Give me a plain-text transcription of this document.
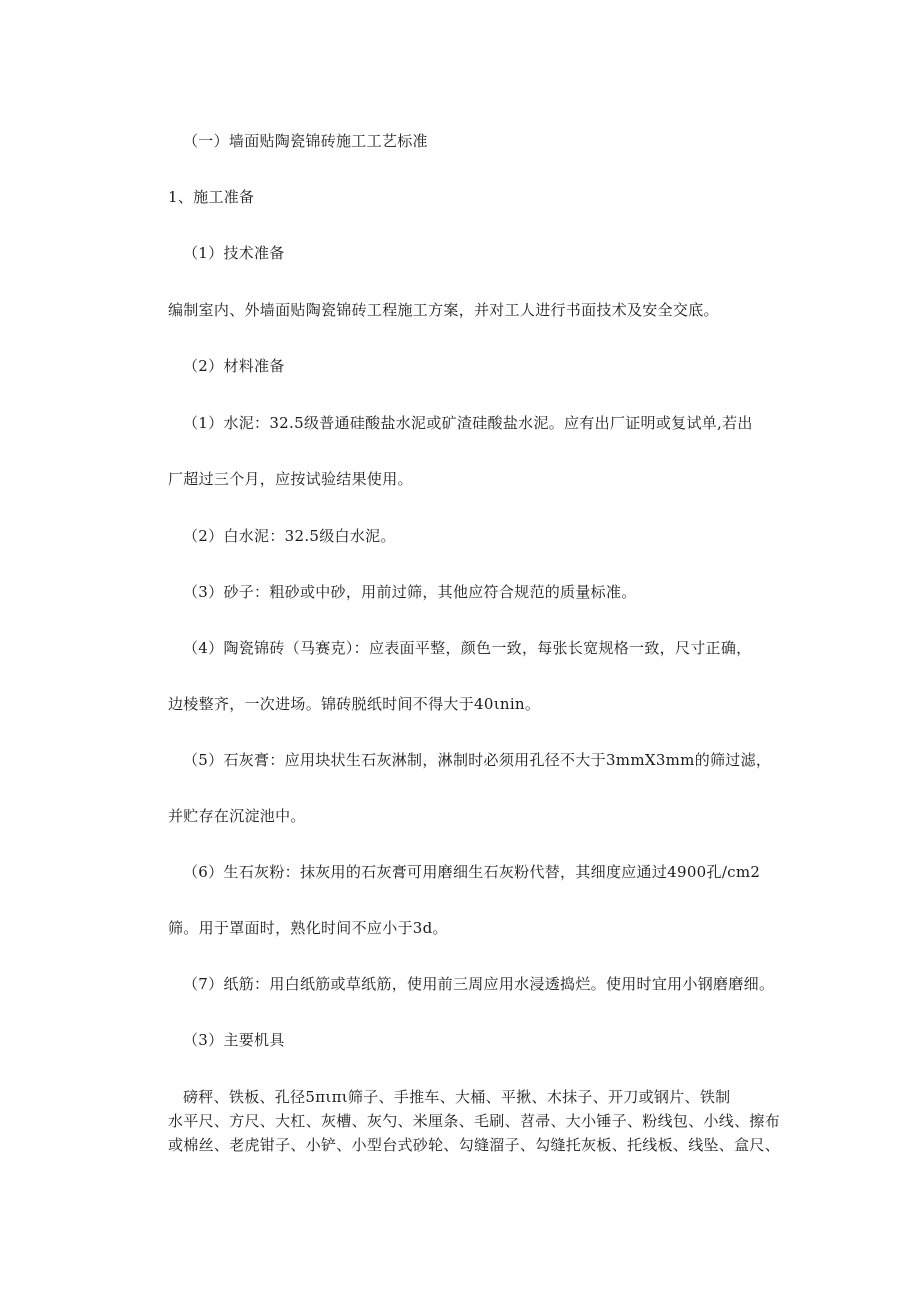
（一）墙面贴陶瓷锦砖施工工艺标准
1、施工准备
（1）技术准备
编制室内、外墙面贴陶瓷锦砖工程施工方案，并对工人进行书面技术及安全交底。
（2）材料准备
（1）水泥：32.5级普通硅酸盐水泥或矿渣硅酸盐水泥。应有出厂证明或复试单,若出
厂超过三个月，应按试验结果使用。
（2）白水泥：32.5级白水泥。
（3）砂子：粗砂或中砂，用前过筛，其他应符合规范的质量标准。
（4）陶瓷锦砖（马赛克）：应表面平整，颜色一致，每张长宽规格一致，尺寸正确，
边棱整齐，一次进场。锦砖脱纸时间不得大于40ιnin。
（5）石灰膏：应用块状生石灰淋制，淋制时必须用孔径不大于3mmX3mm的筛过滤，
并贮存在沉淀池中。
（6）生石灰粉：抹灰用的石灰膏可用磨细生石灰粉代替，其细度应通过4900孔/cm2
筛。用于罩面时，熟化时间不应小于3d。
（7）纸筋：用白纸筋或草纸筋，使用前三周应用水浸透捣烂。使用时宜用小钢磨磨细。
（3）主要机具
磅秤、铁板、孔径5πιπι筛子、手推车、大桶、平揪、木抹子、开刀或钢片、铁制
水平尺、方尺、大杠、灰槽、灰勺、米厘条、毛刷、苕帚、大小锤子、粉线包、小线、擦布
或棉丝、老虎钳子、小铲、小型台式砂轮、勾缝溜子、勾缝托灰板、托线板、线坠、盒尺、
